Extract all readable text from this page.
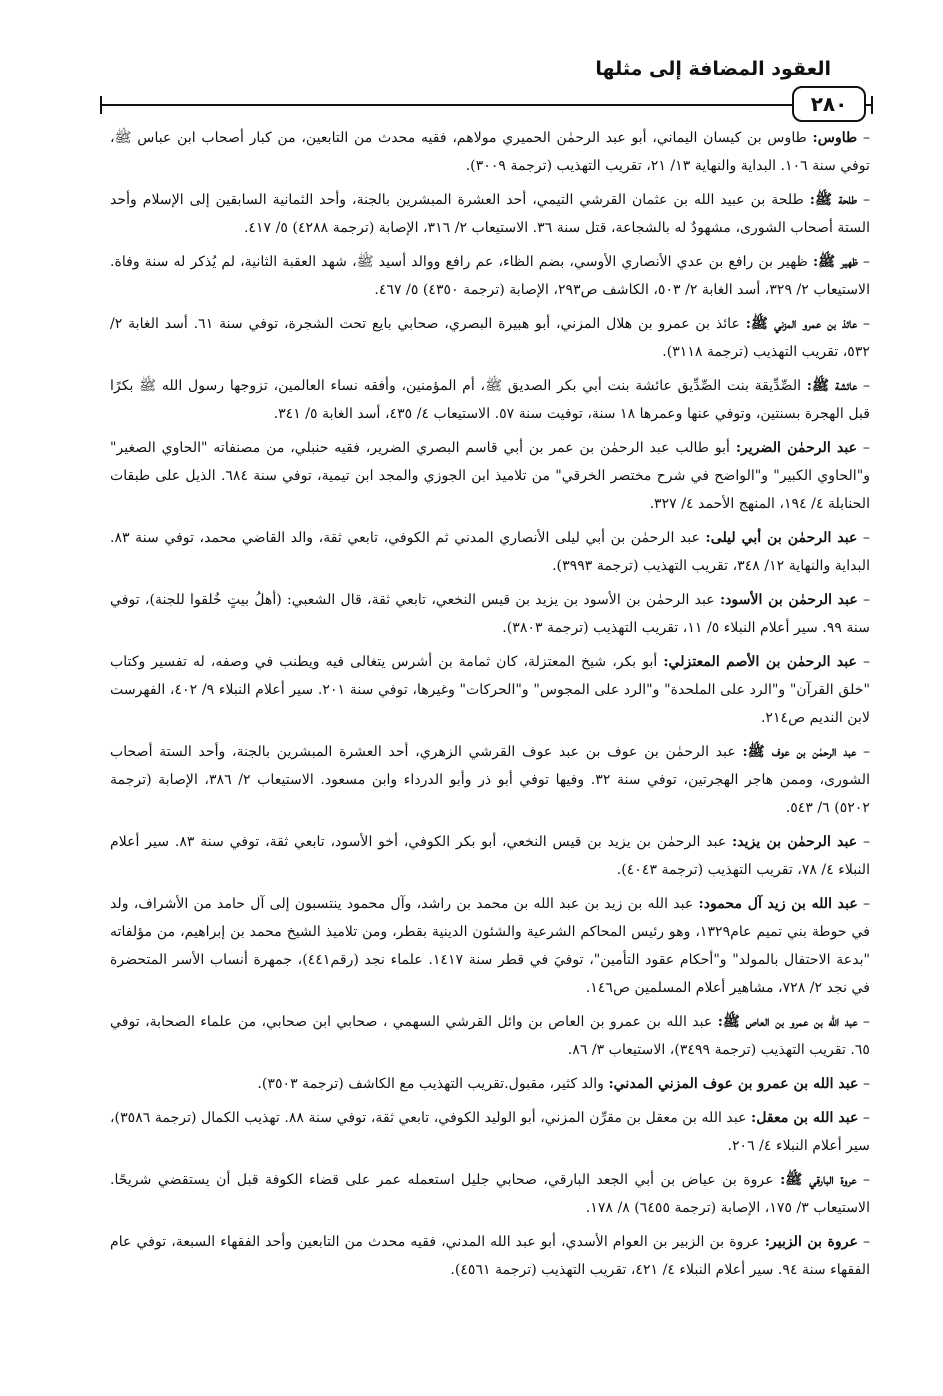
العقود المضافة إلى مثلها
٢٨٠

– طاوس: طاوس بن كيسان اليماني، أبو عبد الرحمٰن الحميري مولاهم، فقيه محدث من التابعين، من كبار أصحاب ابن عباس ﷺ، توفي سنة ١٠٦. البداية والنهاية ١٣/ ٢١، تقريب التهذيب (ترجمة ٣٠٠٩).

– طلحة ﷺ: طلحة بن عبيد الله بن عثمان القرشي التيمي، أحد العشرة المبشرين بالجنة، وأحد الثمانية السابقين إلى الإسلام وأحد الستة أصحاب الشورى، مشهودٌ له بالشجاعة، قتل سنة ٣٦. الاستيعاب ٢/ ٣١٦، الإصابة (ترجمة ٤٢٨٨) ٥/ ٤١٧.

– ظهير ﷺ: ظهير بن رافع بن عدي الأنصاري الأوسي، بضم الظاء، عم رافع ووالد أسيد ﷺ، شهد العقبة الثانية، لم يُذكر له سنة وفاة. الاستيعاب ٢/ ٣٢٩، أسد الغابة ٢/ ٥٠٣، الكاشف ص٢٩٣، الإصابة (ترجمة ٤٣٥٠) ٥/ ٤٦٧.

– عائذ بن عمرو المزني ﷺ: عائذ بن عمرو بن هلال المزني، أبو هبيرة البصري، صحابي بايع تحت الشجرة، توفي سنة ٦١. أسد الغابة ٢/ ٥٣٢، تقريب التهذيب (ترجمة ٣١١٨).

– عائشة ﷺ: الصِّدِّيقة بنت الصِّدِّيق عائشة بنت أبي بكر الصديق ﷺ، أم المؤمنين، وأفقه نساء العالمين، تزوجها رسول الله ﷺ بكرًا قبل الهجرة بسنتين، وتوفي عنها وعمرها ١٨ سنة، توفيت سنة ٥٧. الاستيعاب ٤/ ٤٣٥، أسد الغابة ٥/ ٣٤١.

– عبد الرحمٰن الضرير: أبو طالب عبد الرحمٰن بن عمر بن أبي قاسم البصري الضرير، فقيه حنبلي، من مصنفاته "الحاوي الصغير" و"الحاوي الكبير" و"الواضح في شرح مختصر الخرقي" من تلاميذ ابن الجوزي والمجد ابن تيمية، توفي سنة ٦٨٤. الذيل على طبقات الحنابلة ٤/ ١٩٤، المنهج الأحمد ٤/ ٣٢٧.

– عبد الرحمٰن بن أبي ليلى: عبد الرحمٰن بن أبي ليلى الأنصاري المدني ثم الكوفي، تابعي ثقة، والد القاضي محمد، توفي سنة ٨٣. البداية والنهاية ١٢/ ٣٤٨، تقريب التهذيب (ترجمة ٣٩٩٣).

– عبد الرحمٰن بن الأسود: عبد الرحمٰن بن الأسود بن يزيد بن قيس النخعي، تابعي ثقة، قال الشعبي: (أهلُ بيتٍ خُلقوا للجنة)، توفي سنة ٩٩. سير أعلام النبلاء ٥/ ١١، تقريب التهذيب (ترجمة ٣٨٠٣).

– عبد الرحمٰن بن الأصم المعتزلي: أبو بكر، شيخ المعتزلة، كان ثمامة بن أشرس يتغالى فيه ويطنب في وصفه، له تفسير وكتاب "خلق القرآن" و"الرد على الملحدة" و"الرد على المجوس" و"الحركات" وغيرها، توفي سنة ٢٠١. سير أعلام النبلاء ٩/ ٤٠٢، الفهرست لابن النديم ص٢١٤.

– عبد الرحمٰن بن عوف ﷺ: عبد الرحمٰن بن عوف بن عبد عوف القرشي الزهري، أحد العشرة المبشرين بالجنة، وأحد الستة أصحاب الشورى، وممن هاجر الهجرتين، توفي سنة ٣٢. وفيها توفي أبو ذر وأبو الدرداء وابن مسعود. الاستيعاب ٢/ ٣٨٦، الإصابة (ترجمة ٥٢٠٢) ٦/ ٥٤٣.

– عبد الرحمٰن بن يزيد: عبد الرحمٰن بن يزيد بن قيس النخعي، أبو بكر الكوفي، أخو الأسود، تابعي ثقة، توفي سنة ٨٣. سير أعلام النبلاء ٤/ ٧٨، تقريب التهذيب (ترجمة ٤٠٤٣).

– عبد الله بن زيد آل محمود: عبد الله بن زيد بن عبد الله بن محمد بن راشد، وآل محمود ينتسبون إلى آل حامد من الأشراف، ولد في حوطة بني تميم عام١٣٢٩، وهو رئيس المحاكم الشرعية والشئون الدينية بقطر، ومن تلاميذ الشيخ محمد بن إبراهيم، من مؤلفاته "بدعة الاحتفال بالمولد" و"أحكام عقود التأمين"، توفيَ في قطر سنة ١٤١٧. علماء نجد (رقم٤٤١)، جمهرة أنساب الأسر المتحضرة في نجد ٢/ ٧٢٨، مشاهير أعلام المسلمين ص١٤٦.

– عبد الله بن عمرو بن العاص ﷺ: عبد الله بن عمرو بن العاص بن وائل القرشي السهمي ، صحابي ابن صحابي، من علماء الصحابة، توفي ٦٥. تقريب التهذيب (ترجمة ٣٤٩٩)، الاستيعاب ٣/ ٨٦.

– عبد الله بن عمرو بن عوف المزني المدني: والد كثير، مقبول.تقريب التهذيب مع الكاشف (ترجمة ٣٥٠٣).

– عبد الله بن معقل: عبد الله بن معقل بن مقرِّن المزني، أبو الوليد الكوفي، تابعي ثقة، توفي سنة ٨٨. تهذيب الكمال (ترجمة ٣٥٨٦)، سير أعلام النبلاء ٤/ ٢٠٦.

– عروة البارقي ﷺ: عروة بن عياض بن أبي الجعد البارقي، صحابي جليل استعمله عمر على قضاء الكوفة قبل أن يستقضي شريحًا. الاستيعاب ٣/ ١٧٥، الإصابة (ترجمة ٦٤٥٥) ٨/ ١٧٨.

– عروة بن الزبير: عروة بن الزبير بن العوام الأسدي، أبو عبد الله المدني، فقيه محدث من التابعين وأحد الفقهاء السبعة، توفي عام الفقهاء سنة ٩٤. سير أعلام النبلاء ٤/ ٤٢١، تقريب التهذيب (ترجمة ٤٥٦١).
